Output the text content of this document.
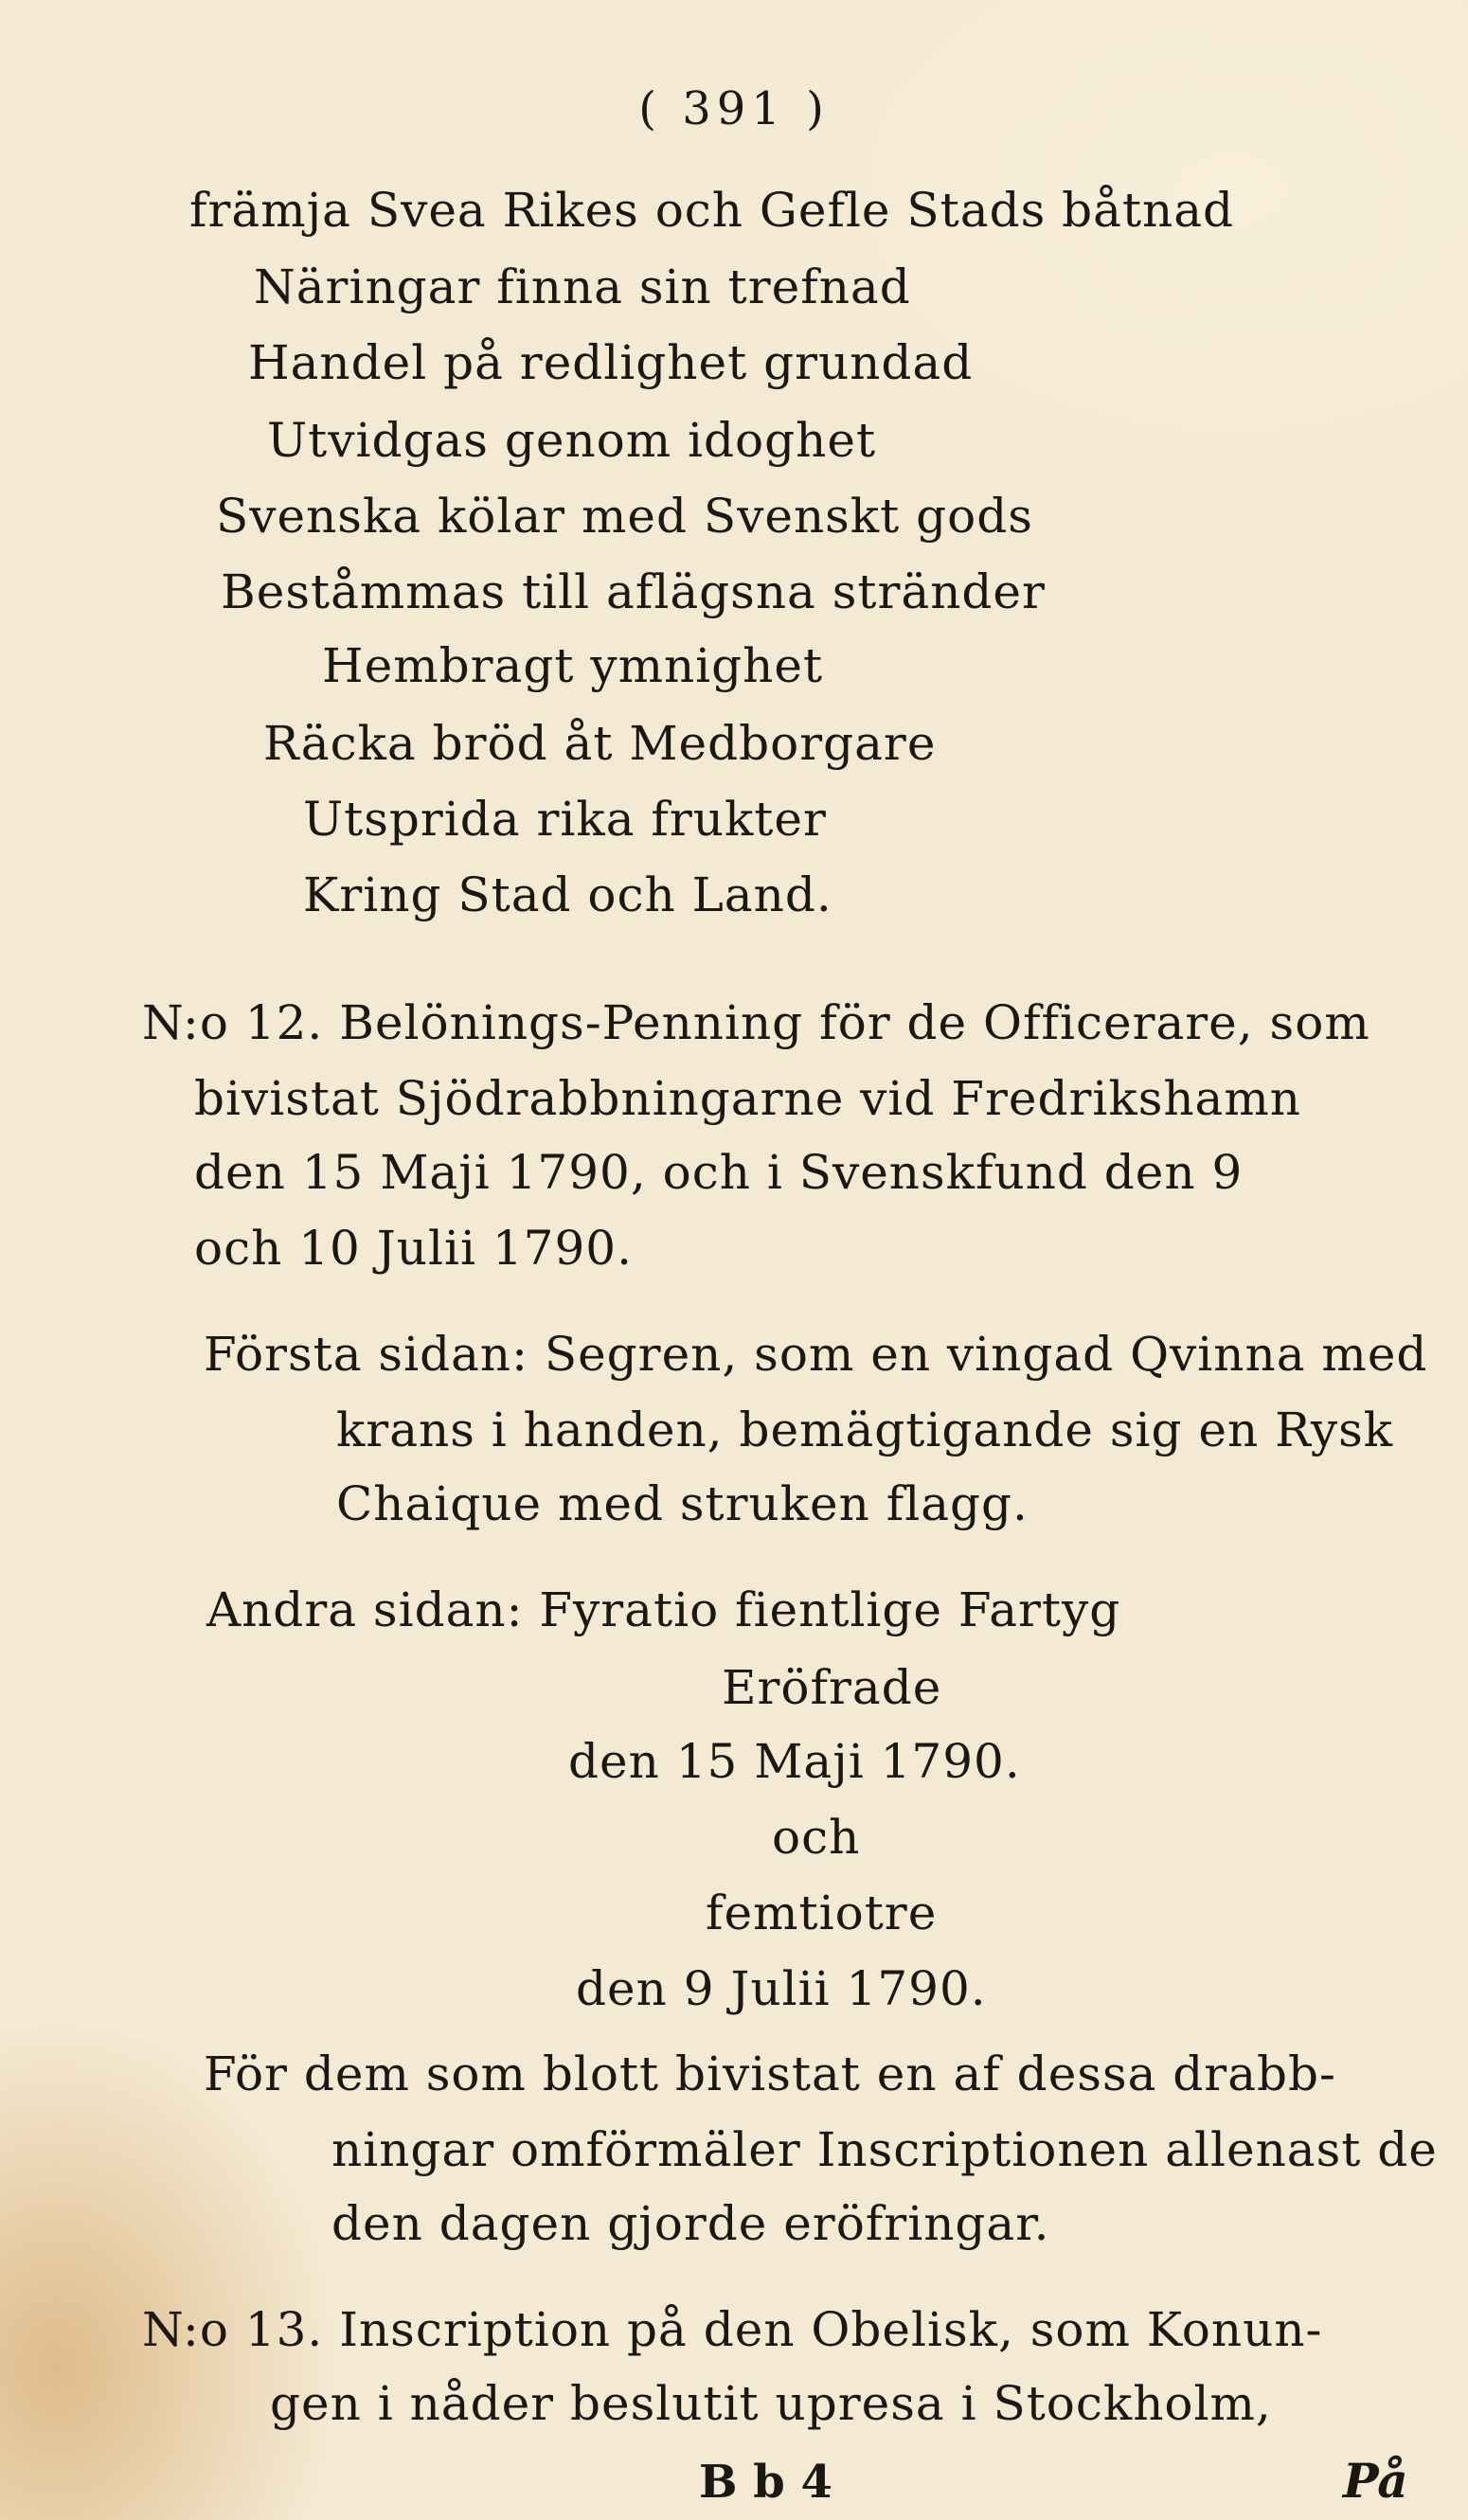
( 391 )
främja Svea Rikes och Gefle Stads båtnad
Näringar finna sin trefnad
Handel på redlighet grundad
Utvidgas genom idoghet
Svenska kölar med Svenskt gods
Beståmmas till aflägsna stränder
Hembragt ymnighet
Räcka bröd åt Medborgare
Utsprida rika frukter
Kring Stad och Land.
N:o 12. Belönings-Penning för de Officerare, som
bivistat Sjödrabbningarne vid Fredrikshamn
den 15 Maji 1790, och i Svenskfund den 9
och 10 Julii 1790.
Första sidan: Segren, som en vingad Qvinna med
krans i handen, bemägtigande sig en Rysk
Chaique med struken flagg.
Andra sidan: Fyratio fientlige Fartyg
Eröfrade
den 15 Maji 1790.
och
femtiotre
den 9 Julii 1790.
För dem som blott bivistat en af dessa drabb-
ningar omförmäler Inscriptionen allenast de
den dagen gjorde eröfringar.
N:o 13. Inscription på den Obelisk, som Konun-
gen i nåder beslutit upresa i Stockholm,
B b 4	På
